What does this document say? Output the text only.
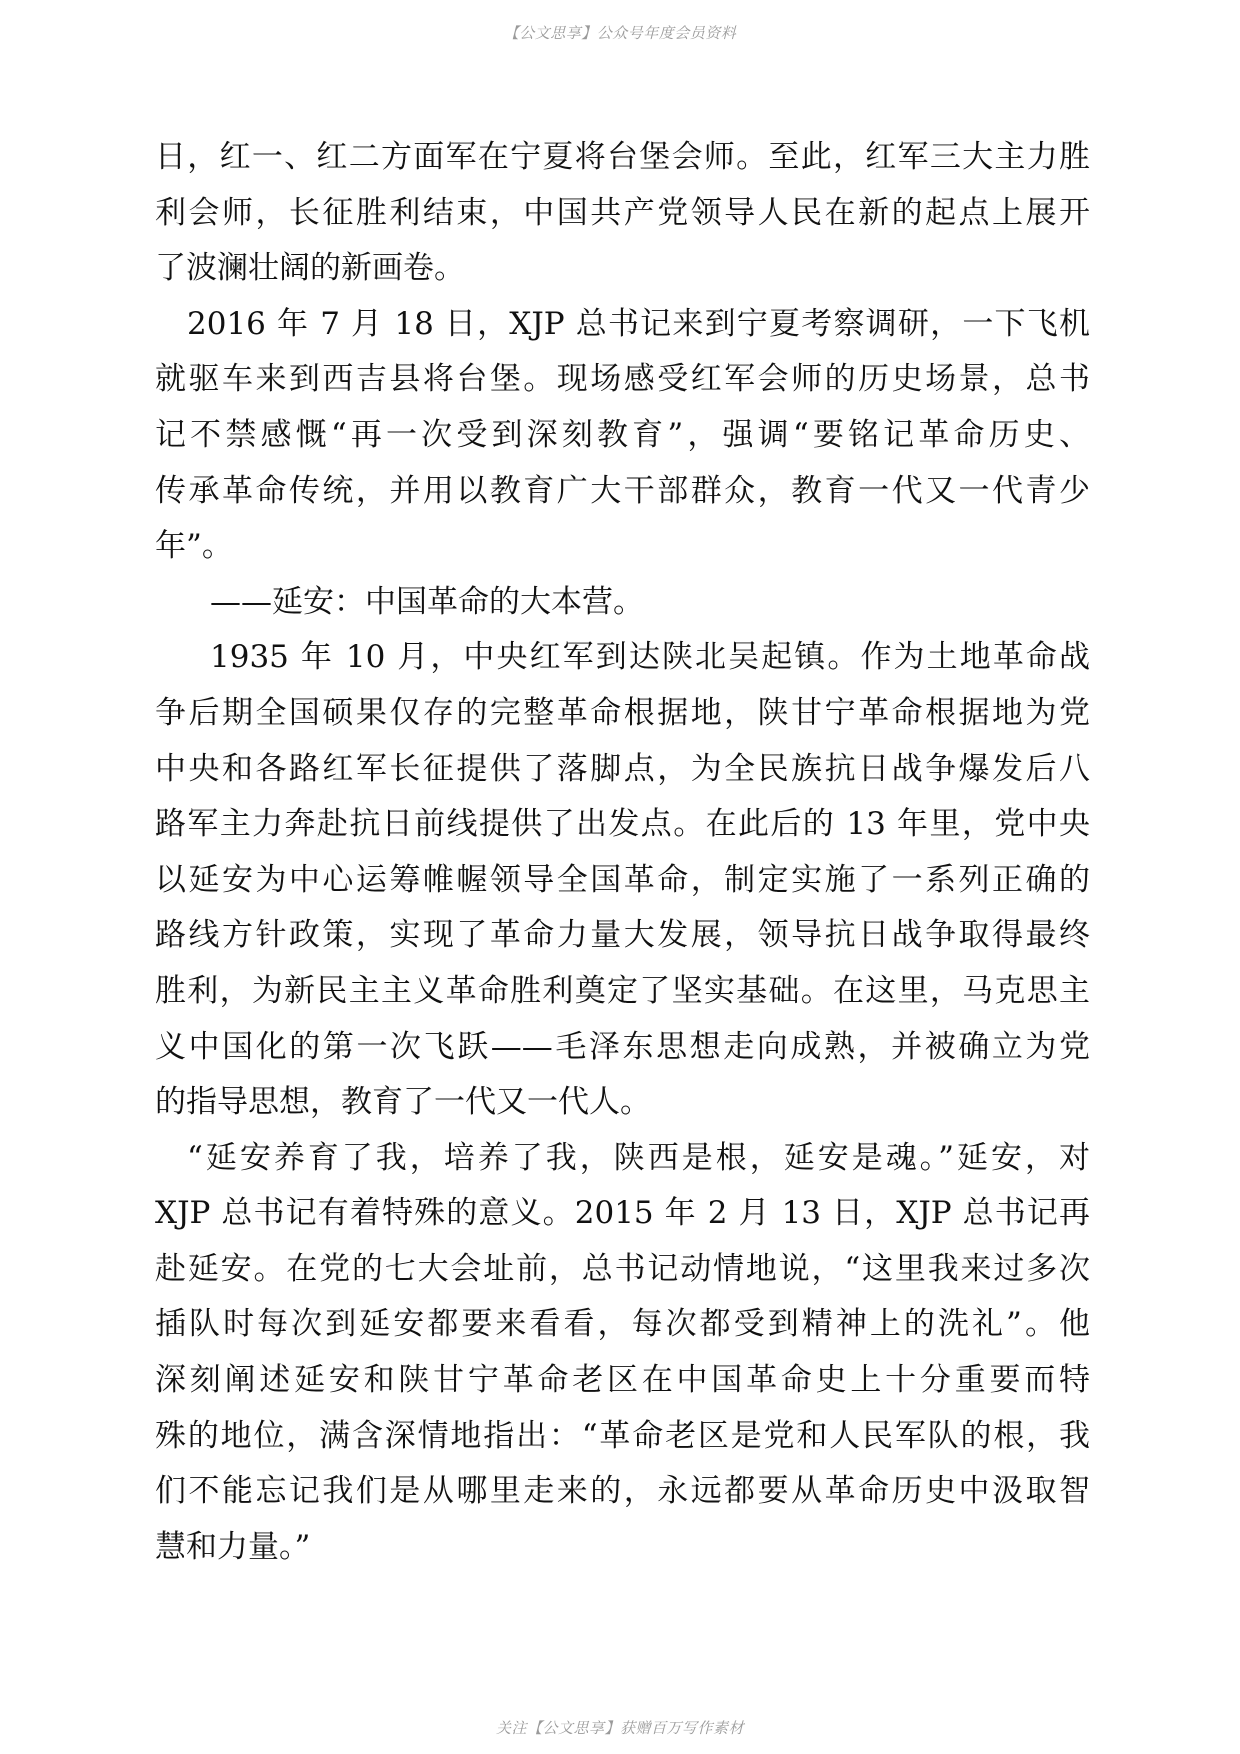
【公文思享】公众号年度会员资料
日，红一、红二方面军在宁夏将台堡会师。至此，红军三大主力胜
利会师，长征胜利结束，中国共产党领导人民在新的起点上展开
了波澜壮阔的新画卷。
2016 年 7 月 18 日，XJP 总书记来到宁夏考察调研，一下飞机
就驱车来到西吉县将台堡。现场感受红军会师的历史场景，总书
记不禁感慨“再一次受到深刻教育”，强调“要铭记革命历史、
传承革命传统，并用以教育广大干部群众，教育一代又一代青少
年”。
——延安：中国革命的大本营。
1935 年 10 月，中央红军到达陕北吴起镇。作为土地革命战
争后期全国硕果仅存的完整革命根据地，陕甘宁革命根据地为党
中央和各路红军长征提供了落脚点，为全民族抗日战争爆发后八
路军主力奔赴抗日前线提供了出发点。在此后的 13 年里，党中央
以延安为中心运筹帷幄领导全国革命，制定实施了一系列正确的
路线方针政策，实现了革命力量大发展，领导抗日战争取得最终
胜利，为新民主主义革命胜利奠定了坚实基础。在这里，马克思主
义中国化的第一次飞跃——毛泽东思想走向成熟，并被确立为党
的指导思想，教育了一代又一代人。
“延安养育了我，培养了我，陕西是根，延安是魂。”延安，对
XJP 总书记有着特殊的意义。2015 年 2 月 13 日，XJP 总书记再
赴延安。在党的七大会址前，总书记动情地说，“这里我来过多次
插队时每次到延安都要来看看，每次都受到精神上的洗礼”。他
深刻阐述延安和陕甘宁革命老区在中国革命史上十分重要而特
殊的地位，满含深情地指出：“革命老区是党和人民军队的根，我
们不能忘记我们是从哪里走来的，永远都要从革命历史中汲取智
慧和力量。”
关注【公文思享】获赠百万写作素材
